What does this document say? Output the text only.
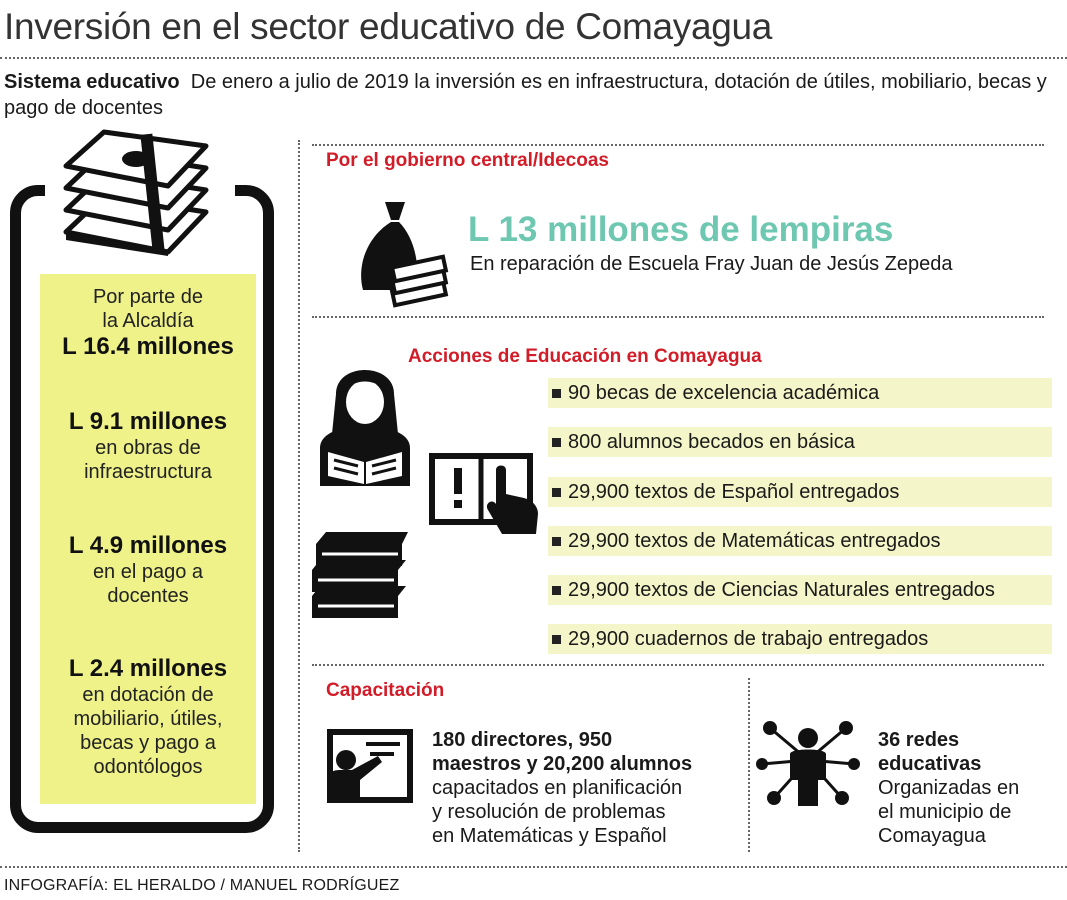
Inversión en el sector educativo de Comayagua
Sistema educativo De enero a julio de 2019 la inversión es en infraestructura, dotación de útiles, mobiliario, becas y pago de docentes
Por parte de
la Alcaldía
L 16.4 millones
L 9.1 millones
en obras de
infraestructura
L 4.9 millones
en el pago a
docentes
L 2.4 millones
en dotación de
mobiliario, útiles,
becas y pago a
odontólogos
Por el gobierno central/Idecoas
L 13 millones de lempiras
En reparación de Escuela Fray Juan de Jesús Zepeda
Acciones de Educación en Comayagua
90 becas de excelencia académica
800 alumnos becados en básica
29,900 textos de Español entregados
29,900 textos de Matemáticas entregados
29,900 textos de Ciencias Naturales entregados
29,900 cuadernos de trabajo entregados
Capacitación
180 directores, 950
maestros y 20,200 alumnos
capacitados en planificación
y resolución de problemas
en Matemáticas y Español
36 redes
educativas
Organizadas en
el municipio de
Comayagua
INFOGRAFÍA: EL HERALDO / MANUEL RODRÍGUEZ
